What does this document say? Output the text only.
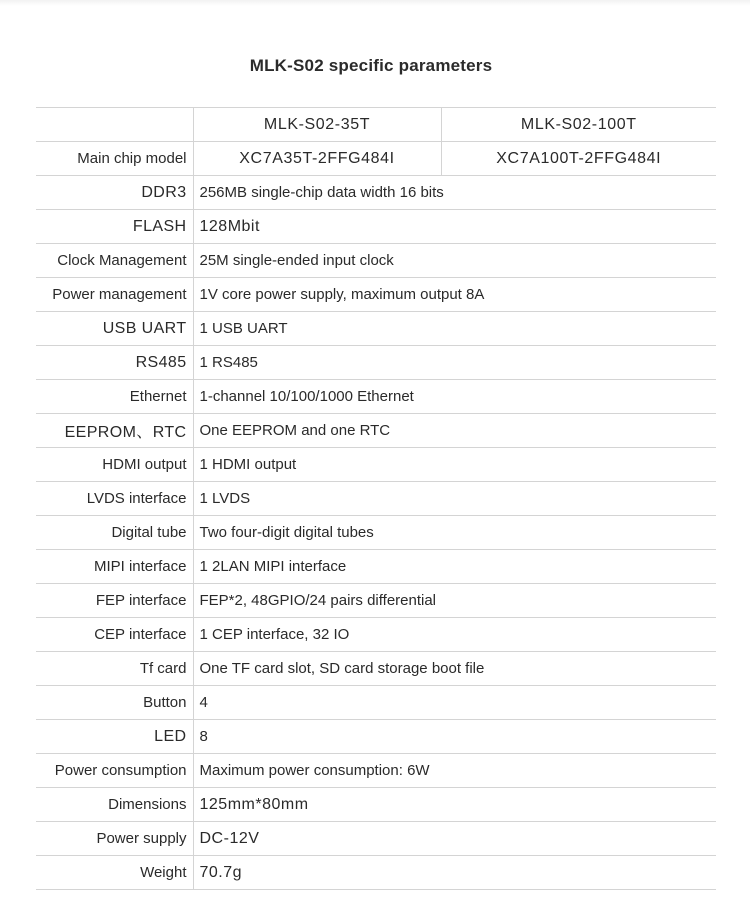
MLK-S02 specific parameters
	MLK-S02-35T	MLK-S02-100T
Main chip model	XC7A35T-2FFG484I	XC7A100T-2FFG484I
DDR3	256MB single-chip data width 16 bits	
FLASH	128Mbit	
Clock Management	25M single-ended input clock	
Power management	1V core power supply, maximum output 8A	
USB UART	1 USB UART	
RS485	1 RS485	
Ethernet	1-channel 10/100/1000 Ethernet	
EEPROM、RTC	One EEPROM and one RTC	
HDMI output	1 HDMI output	
LVDS interface	1 LVDS	
Digital tube	Two four-digit digital tubes	
MIPI interface	1 2LAN MIPI interface	
FEP interface	FEP*2, 48GPIO/24 pairs differential	
CEP interface	1 CEP interface, 32 IO	
Tf card	One TF card slot, SD card storage boot file	
Button	4	
LED	8	
Power consumption	Maximum power consumption: 6W	
Dimensions	125mm*80mm	
Power supply	DC-12V	
Weight	70.7g	
